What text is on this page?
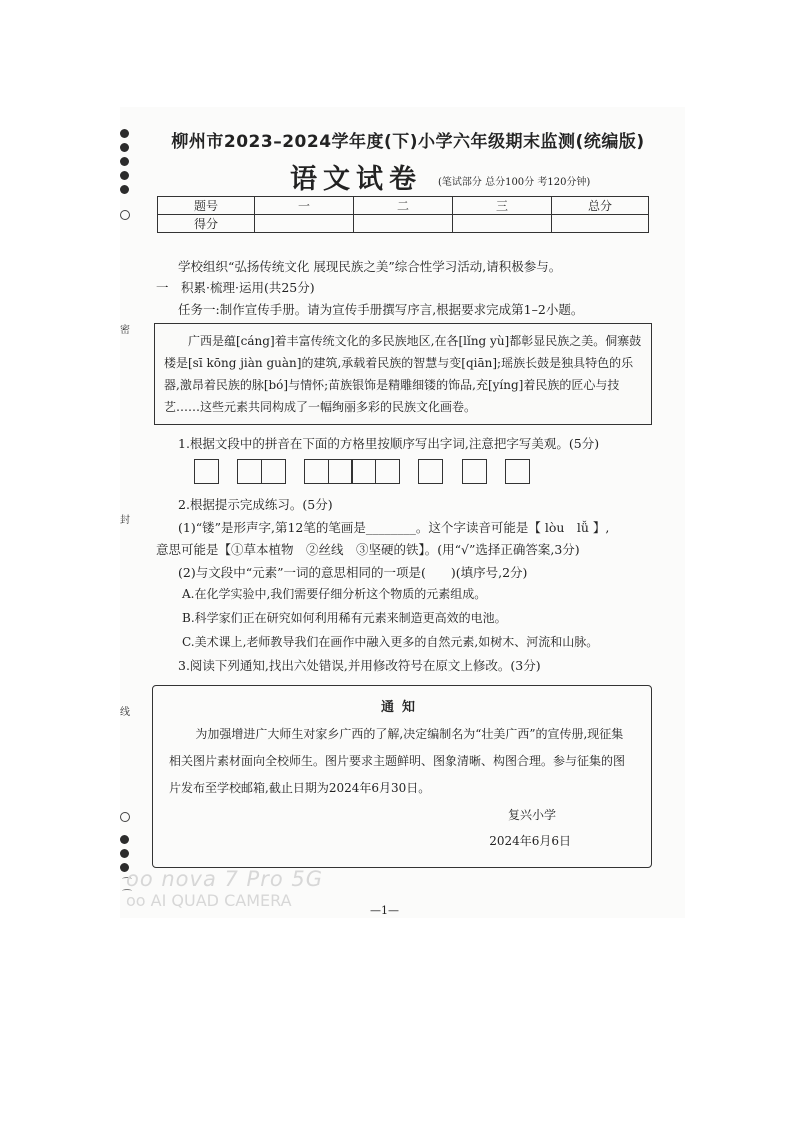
密
封
线
柳州市2023–2024学年度(下)小学六年级期末监测(统编版)
语文试卷 (笔试部分 总分100分 考120分钟)
题号	一	二	三	总分
得分				
学校组织“弘扬传统文化 展现民族之美”综合性学习活动,请积极参与。
一　积累·梳理·运用(共25分)
任务一:制作宣传手册。请为宣传手册撰写序言,根据要求完成第1–2小题。

广西是蕴[cáng]着丰富传统文化的多民族地区,在各[lǐng yù]都彰显民族之美。侗寨鼓楼是[sī kōng jiàn guàn]的建筑,承载着民族的智慧与变[qiān];瑶族长鼓是独具特色的乐器,激昂着民族的脉[bó]与情怀;苗族银饰是精雕细镂的饰品,充[yíng]着民族的匠心与技艺……这些元素共同构成了一幅绚丽多彩的民族文化画卷。

1.根据文段中的拼音在下面的方格里按顺序写出字词,注意把字写美观。(5分)
2.根据提示完成练习。(5分)
(1)“镂”是形声字,第12笔的笔画是________。这个字读音可能是【 lòu　lǚ 】,
意思可能是【①草本植物　②丝线　③坚硬的铁】。(用“√”选择正确答案,3分)
(2)与文段中“元素”一词的意思相同的一项是(　　)(填序号,2分)
A.在化学实验中,我们需要仔细分析这个物质的元素组成。
B.科学家们正在研究如何利用稀有元素来制造更高效的电池。
C.美术课上,老师教导我们在画作中融入更多的自然元素,如树木、河流和山脉。
3.阅读下列通知,找出六处错误,并用修改符号在原文上修改。(3分)
通知
为加强增进广大师生对家乡广西的了解,决定编制名为“壮美广西”的宣传册,现征集相关图片素材面向全校师生。图片要求主题鲜明、图象清晰、构图合理。参与征集的图片发布至学校邮箱,截止日期为2024年6月30日。
复兴小学
2024年6月6日
oo nova 7 Pro 5G
oo AI QUAD CAMERA
—1—
